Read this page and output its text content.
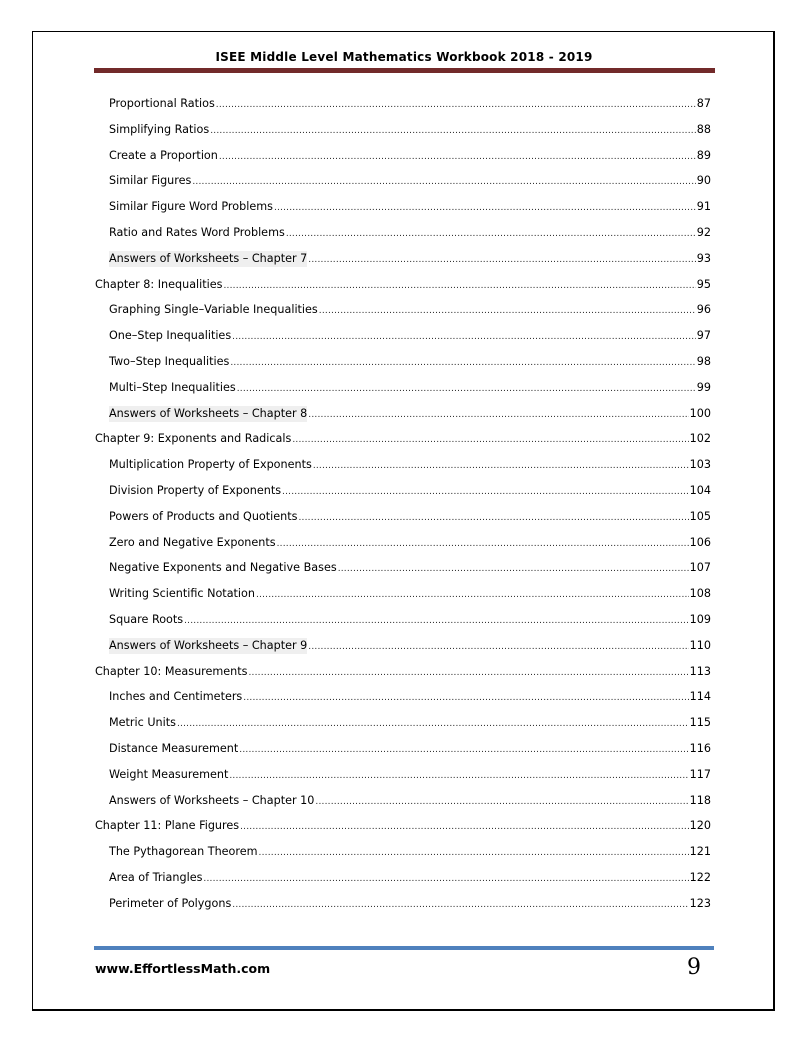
ISEE Middle Level Mathematics Workbook 2018 - 2019
Proportional Ratios .....	87
Simplifying Ratios .....	88
Create a Proportion .....	89
Similar Figures .....	90
Similar Figure Word Problems .....	91
Ratio and Rates Word Problems .....	92
Answers of Worksheets – Chapter 7 .....	93
Chapter 8: Inequalities .....	95
Graphing Single–Variable Inequalities .....	96
One–Step Inequalities .....	97
Two–Step Inequalities .....	98
Multi–Step Inequalities .....	99
Answers of Worksheets – Chapter 8 .....	100
Chapter 9: Exponents and Radicals .....	102
Multiplication Property of Exponents .....	103
Division Property of Exponents .....	104
Powers of Products and Quotients .....	105
Zero and Negative Exponents .....	106
Negative Exponents and Negative Bases .....	107
Writing Scientific Notation .....	108
Square Roots .....	109
Answers of Worksheets – Chapter 9 .....	110
Chapter 10: Measurements .....	113
Inches and Centimeters .....	114
Metric Units .....	115
Distance Measurement .....	116
Weight Measurement .....	117
Answers of Worksheets – Chapter 10 .....	118
Chapter 11: Plane Figures .....	120
The Pythagorean Theorem .....	121
Area of Triangles .....	122
Perimeter of Polygons .....	123
www.EffortlessMath.com	9
